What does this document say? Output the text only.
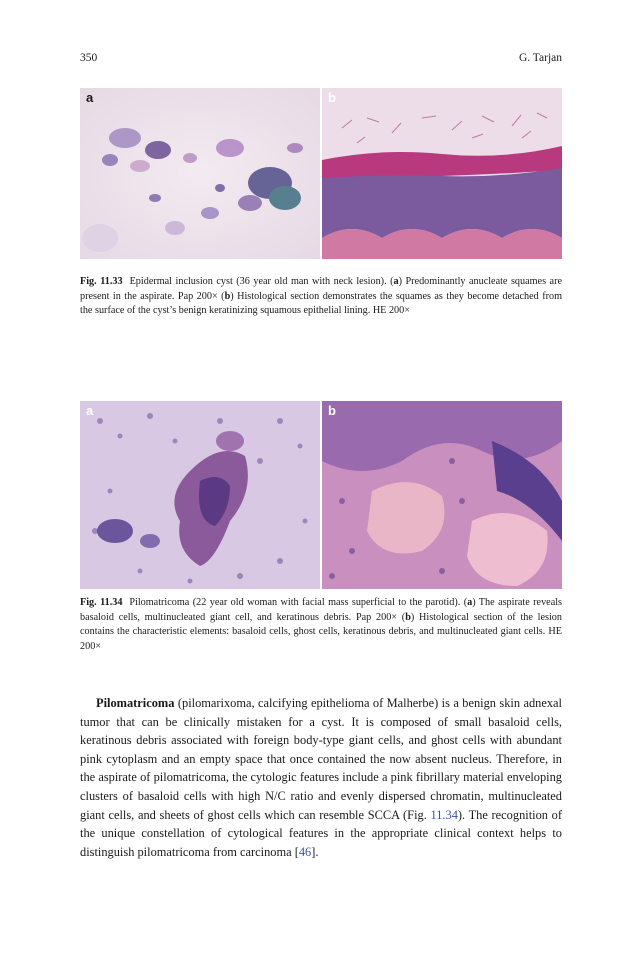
350	G. Tarjan
a	b
Fig. 11.33 Epidermal inclusion cyst (36 year old man with neck lesion). (a) Predominantly anucleate squames are present in the aspirate. Pap 200× (b) Histological section demonstrates the squames as they become detached from the surface of the cyst’s benign keratinizing squamous epithelial lining. HE 200×
a	b
Fig. 11.34 Pilomatricoma (22 year old woman with facial mass superficial to the parotid). (a) The aspirate reveals basaloid cells, multinucleated giant cell, and keratinous debris. Pap 200× (b) Histological section of the lesion contains the characteristic elements: basaloid cells, ghost cells, keratinous debris, and multinucleated giant cells. HE 200×

Pilomatricoma (pilomarixoma, calcifying epithelioma of Malherbe) is a benign skin adnexal tumor that can be clinically mistaken for a cyst. It is composed of small basaloid cells, keratinous debris associated with foreign body-type giant cells, and ghost cells with abundant pink cytoplasm and an empty space that once contained the now absent nucleus. Therefore, in the aspirate of pilomatricoma, the cytologic features include a pink fibrillary material enveloping clusters of basaloid cells with high N/C ratio and evenly dispersed chromatin, multinucleated giant cells, and sheets of ghost cells which can resemble SCCA (Fig. 11.34). The recognition of the unique constellation of cytological features in the appropriate clinical context helps to distinguish pilomatricoma from carcinoma [46].
